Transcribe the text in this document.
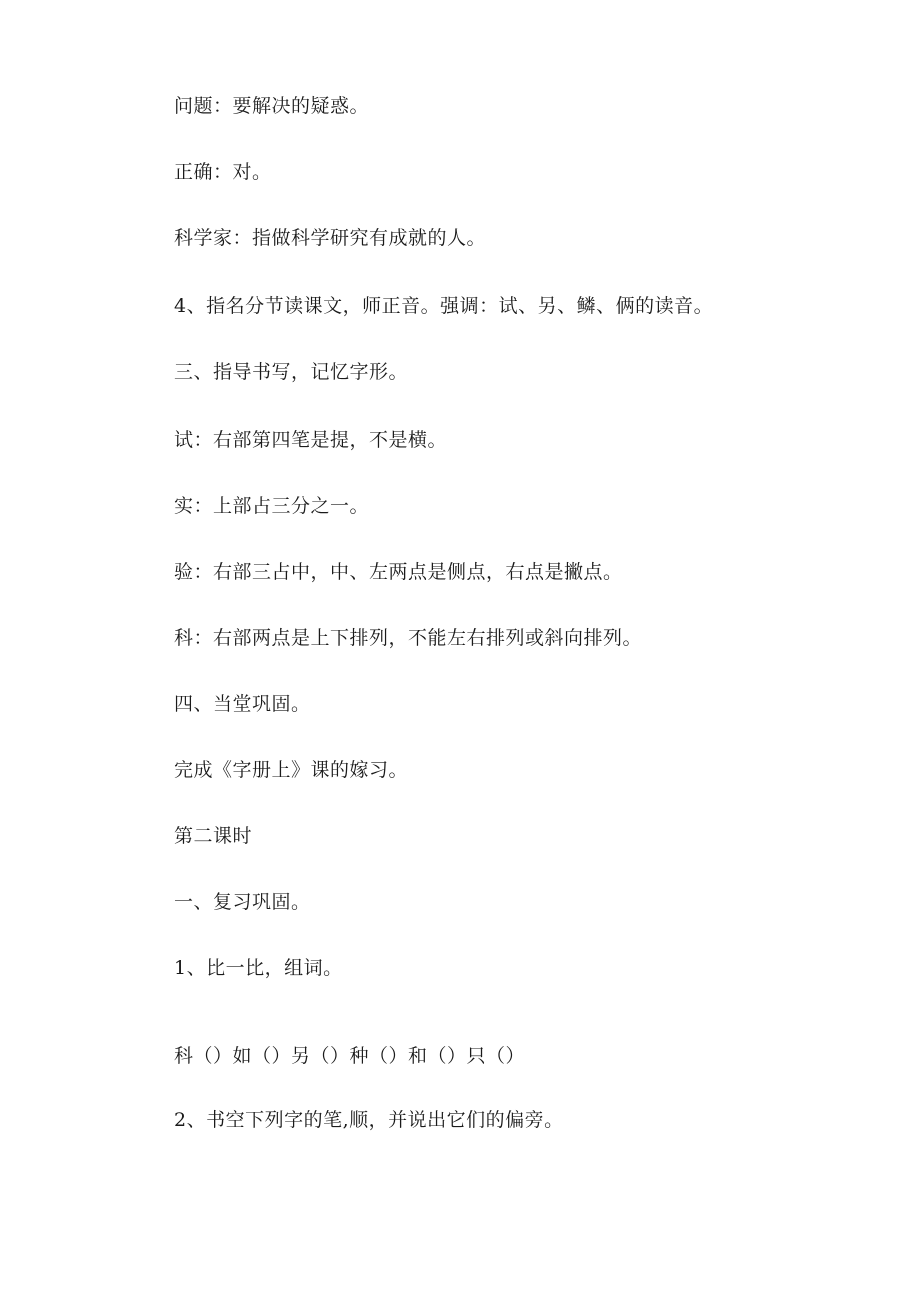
问题：要解决的疑惑。
正确：对。
科学家：指做科学研究有成就的人。
4、指名分节读课文，师正音。强调：试、另、鳞、俩的读音。
三、指导书写，记忆字形。
试：右部第四笔是提，不是横。
实：上部占三分之一。
验：右部三占中，中、左两点是侧点，右点是撇点。
科：右部两点是上下排列，不能左右排列或斜向排列。
四、当堂巩固。
完成《字册上》课的嫁习。
第二课时
一、复习巩固。
1、比一比，组词。
科（）如（）另（）种（）和（）只（）
2、书空下列字的笔,顺，并说出它们的偏旁。
